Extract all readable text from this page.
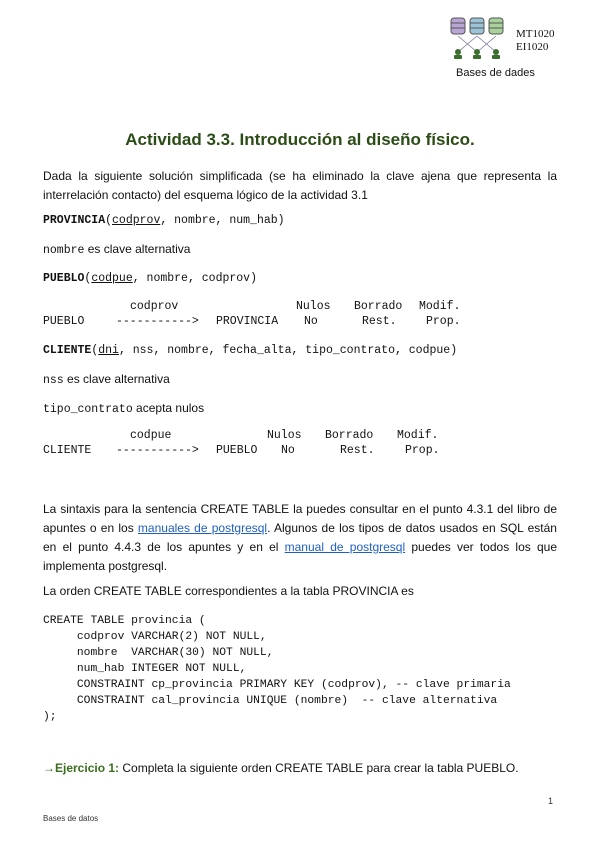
MT1020
EI1020
Bases de dades
Actividad 3.3. Introducción al diseño físico.
Dada la siguiente solución simplificada (se ha eliminado la clave ajena que representa la interrelación contacto) del esquema lógico de la actividad 3.1
PROVINCIA(codprov, nombre, num_hab)
nombre es clave alternativa
PUEBLO(codpue, nombre, codprov)
codprov	Nulos Borrado Modif.
PUEBLO	-----------> PROVINCIA No	Rest.	Prop.
CLIENTE(dni, nss, nombre, fecha_alta, tipo_contrato, codpue)
nss es clave alternativa
tipo_contrato acepta nulos
codpue	Nulos Borrado Modif.
CLIENTE -----------> PUEBLO No	Rest.	Prop.
La sintaxis para la sentencia CREATE TABLE la puedes consultar en el punto 4.3.1 del libro de apuntes o en los manuales de postgresql. Algunos de los tipos de datos usados en SQL están en el punto 4.4.3 de los apuntes y en el manual de postgresql puedes ver todos los que implementa postgresql.
La orden CREATE TABLE correspondientes a la tabla PROVINCIA es
CREATE TABLE provincia (
codprov VARCHAR(2) NOT NULL,
nombre  VARCHAR(30) NOT NULL,
num_hab INTEGER NOT NULL,
CONSTRAINT cp_provincia PRIMARY KEY (codprov), -- clave primaria
CONSTRAINT cal_provincia UNIQUE (nombre)  -- clave alternativa
);
→Ejercicio 1: Completa la siguiente orden CREATE TABLE para crear la tabla PUEBLO.
1
Bases de datos
